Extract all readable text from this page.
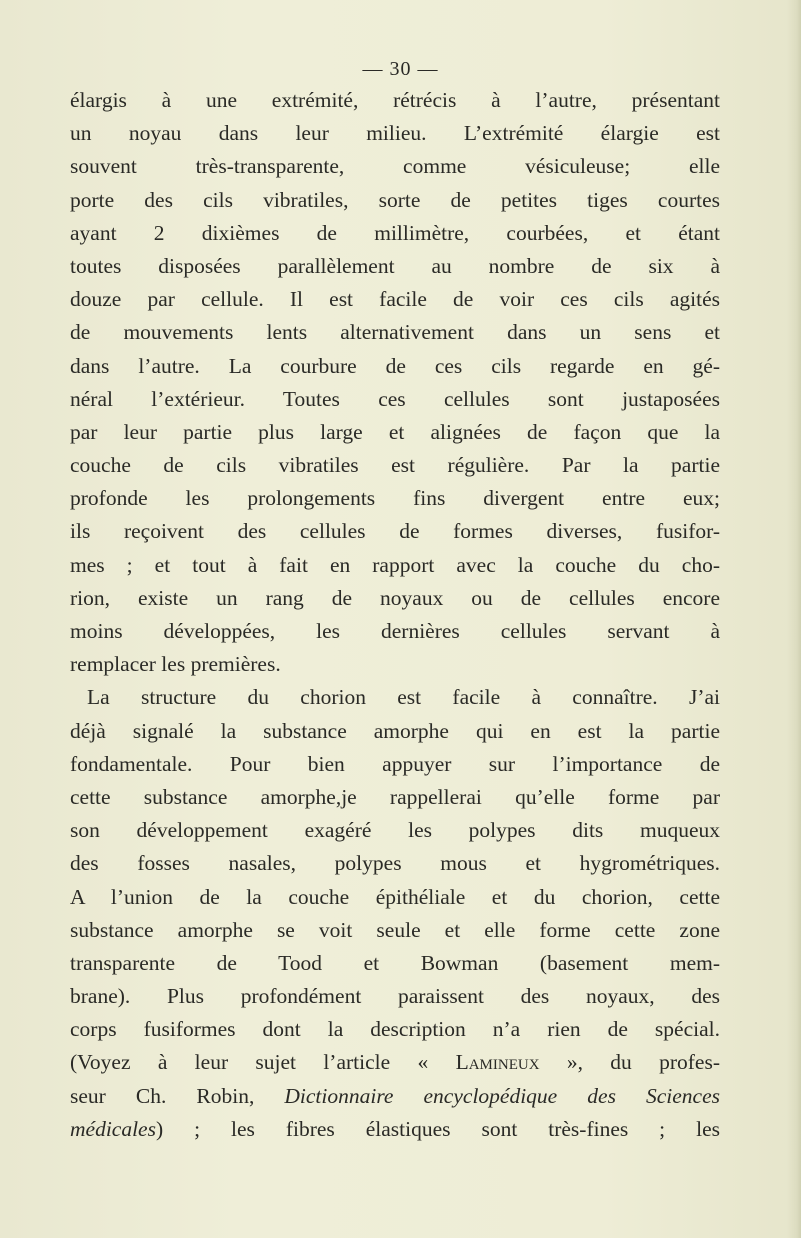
— 30 —
élargis à une extrémité, rétrécis à l’autre, présentant
un noyau dans leur milieu. L’extrémité élargie est
souvent très-transparente, comme vésiculeuse; elle
porte des cils vibratiles, sorte de petites tiges courtes
ayant 2 dixièmes de millimètre, courbées, et étant
toutes disposées parallèlement au nombre de six à
douze par cellule. Il est facile de voir ces cils agités
de mouvements lents alternativement dans un sens et
dans l’autre. La courbure de ces cils regarde en gé-
néral l’extérieur. Toutes ces cellules sont justaposées
par leur partie plus large et alignées de façon que la
couche de cils vibratiles est régulière. Par la partie
profonde les prolongements fins divergent entre eux;
ils reçoivent des cellules de formes diverses, fusifor-
mes ; et tout à fait en rapport avec la couche du cho-
rion, existe un rang de noyaux ou de cellules encore
moins développées, les dernières cellules servant à
remplacer les premières.
La structure du chorion est facile à connaître. J’ai
déjà signalé la substance amorphe qui en est la partie
fondamentale. Pour bien appuyer sur l’importance de
cette substance amorphe,je rappellerai qu’elle forme par
son développement exagéré les polypes dits muqueux
des fosses nasales, polypes mous et hygrométriques.
A l’union de la couche épithéliale et du chorion, cette
substance amorphe se voit seule et elle forme cette zone
transparente de Tood et Bowman (basement mem-
brane). Plus profondément paraissent des noyaux, des
corps fusiformes dont la description n’a rien de spécial.
(Voyez à leur sujet l’article « Lamineux », du profes-
seur Ch. Robin, Dictionnaire encyclopédique des Sciences
médicales) ; les fibres élastiques sont très-fines ; les
